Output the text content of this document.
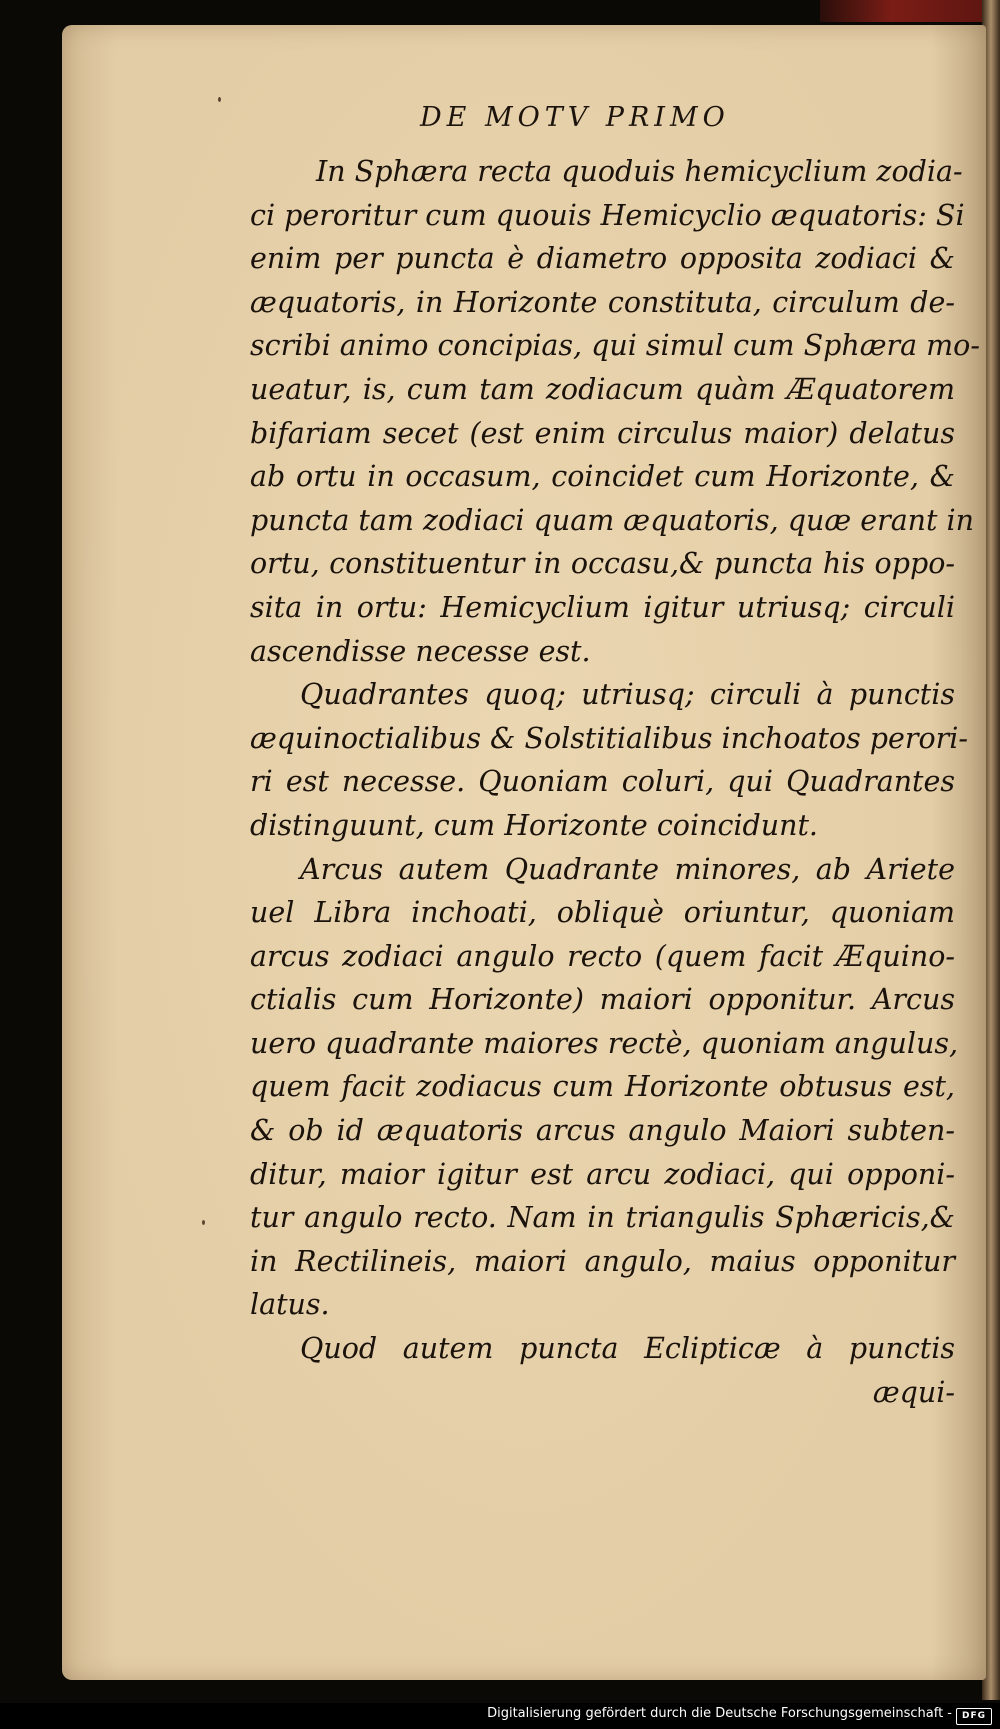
DE MOTV PRIMO
In Sphæra recta quoduis hemicyclium zodia-
ci peroritur cum quouis Hemicyclio æquatoris: Si
enim per puncta è diametro opposita zodiaci &
æquatoris, in Horizonte constituta, circulum de-
scribi animo concipias, qui simul cum Sphæra mo-
ueatur, is, cum tam zodiacum quàm Æquatorem
bifariam secet (est enim circulus maior) delatus
ab ortu in occasum, coincidet cum Horizonte, &
puncta tam zodiaci quam æquatoris, quæ erant in
ortu, constituentur in occasu,& puncta his oppo-
sita in ortu: Hemicyclium igitur utriusq; circuli
ascendisse necesse est.
Quadrantes quoq; utriusq; circuli à punctis
æquinoctialibus & Solstitialibus inchoatos perori-
ri est necesse. Quoniam coluri, qui Quadrantes
distinguunt, cum Horizonte coincidunt.
Arcus autem Quadrante minores, ab Ariete
uel Libra inchoati, obliquè oriuntur, quoniam
arcus zodiaci angulo recto (quem facit Æquino-
ctialis cum Horizonte) maiori opponitur. Arcus
uero quadrante maiores rectè, quoniam angulus,
quem facit zodiacus cum Horizonte obtusus est,
& ob id æquatoris arcus angulo Maiori subten-
ditur, maior igitur est arcu zodiaci, qui opponi-
tur angulo recto. Nam in triangulis Sphæricis,&
in Rectilineis, maiori angulo, maius opponitur
latus.
Quod autem puncta Eclipticæ à punctis
æqui-
Digitalisierung gefördert durch die Deutsche Forschungsgemeinschaft -	DFG
